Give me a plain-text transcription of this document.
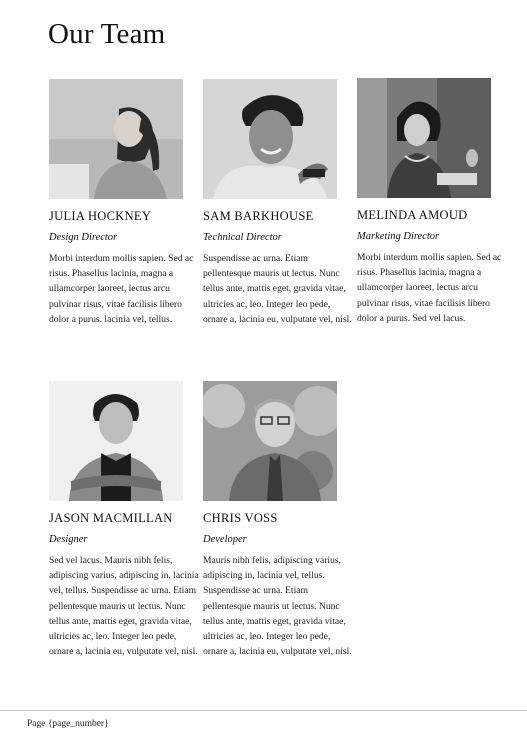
Our Team
JULIA HOCKNEY
Design Director
Morbi interdum mollis sapien. Sed ac risus. Phasellus lacinia, magna a ullamcorper laoreet, lectus arcu pulvinar risus, vitae facilisis libero dolor a purus. lacinia vel, tellus.
SAM BARKHOUSE
Technical Director
Suspendisse ac urna. Etiam pellentesque mauris ut lectus. Nunc tellus ante, mattis eget, gravida vitae, ultricies ac, leo. Integer leo pede, ornare a, lacinia eu, vulputate vel, nisl.
MELINDA AMOUD
Marketing Director
Morbi interdum mollis sapien. Sed ac risus. Phasellus lacinia, magna a ullamcorper laoreet, lectus arcu pulvinar risus, vitae facilisis libero dolor a purus. Sed vel lacus.
JASON MACMILLAN
Designer
Sed vel lacus. Mauris nibh felis, adipiscing varius, adipiscing in, lacinia vel, tellus. Suspendisse ac urna. Etiam pellentesque mauris ut lectus. Nunc tellus ante, mattis eget, gravida vitae, ultricies ac, leo. Integer leo pede, ornare a, lacinia eu, vulputate vel, nisl.
CHRIS VOSS
Developer
Mauris nibh felis, adipiscing varius, adipiscing in, lacinia vel, tellus. Suspendisse ac urna. Etiam pellentesque mauris ut lectus. Nunc tellus ante, mattis eget, gravida vitae, ultricies ac, leo. Integer leo pede, ornare a, lacinia eu, vulputate vel, nisl.
Page {page_number}
